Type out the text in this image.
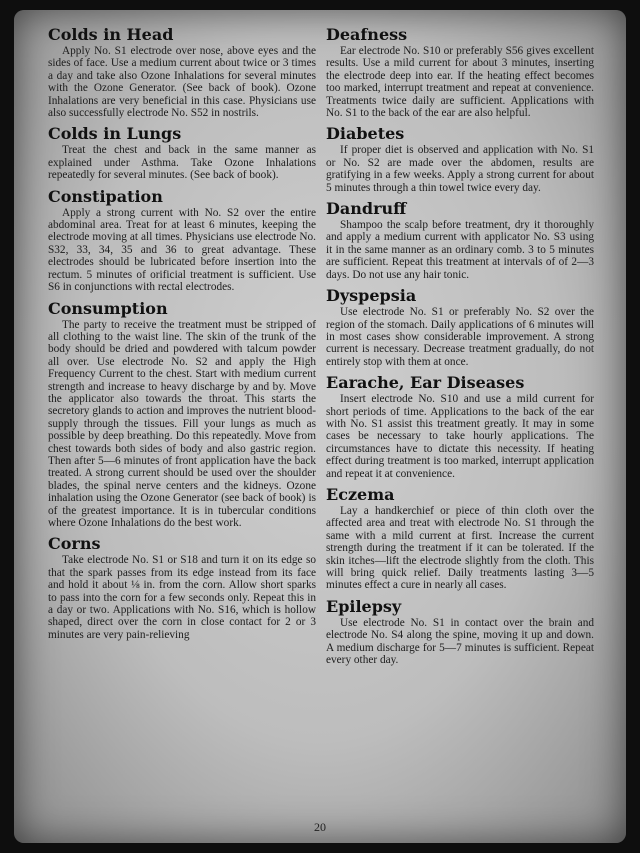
Colds in Head

Apply No. S1 electrode over nose, above eyes and the sides of face. Use a medium current about twice or 3 times a day and take also Ozone Inhalations for several minutes with the Ozone Generator. (See back of book). Ozone Inhalations are very beneficial in this case. Physicians use also successfully electrode No. S52 in nostrils.

Colds in Lungs

Treat the chest and back in the same manner as explained under Asthma. Take Ozone Inhalations repeatedly for several minutes. (See back of book).

Constipation

Apply a strong current with No. S2 over the entire abdominal area. Treat for at least 6 minutes, keeping the electrode moving at all times. Physicians use electrode No. S32, 33, 34, 35 and 36 to great advantage. These electrodes should be lubricated before insertion into the rectum. 5 minutes of orificial treatment is sufficient. Use S6 in conjunctions with rectal electrodes.

Consumption

The party to receive the treatment must be stripped of all clothing to the waist line. The skin of the trunk of the body should be dried and powdered with talcum powder all over. Use electrode No. S2 and apply the High Frequency Current to the chest. Start with medium current strength and increase to heavy discharge by and by. Move the applicator also towards the throat. This starts the secretory glands to action and improves the nutrient blood-supply through the tissues. Fill your lungs as much as possible by deep breathing. Do this repeatedly. Move from chest towards both sides of body and also gastric region. Then after 5—6 minutes of front application have the back treated. A strong current should be used over the shoulder blades, the spinal nerve centers and the kidneys. Ozone inhalation using the Ozone Generator (see back of book) is of the greatest importance. It is in tubercular conditions where Ozone Inhalations do the best work.

Corns

Take electrode No. S1 or S18 and turn it on its edge so that the spark passes from its edge instead from its face and hold it about ⅛ in. from the corn. Allow short sparks to pass into the corn for a few seconds only. Repeat this in a day or two. Applications with No. S16, which is hollow shaped, direct over the corn in close contact for 2 or 3 minutes are very pain-relieving

Deafness

Ear electrode No. S10 or preferably S56 gives excellent results. Use a mild current for about 3 minutes, inserting the electrode deep into ear. If the heating effect becomes too marked, interrupt treatment and repeat at convenience. Treatments twice daily are sufficient. Applications with No. S1 to the back of the ear are also helpful.

Diabetes

If proper diet is observed and application with No. S1 or No. S2 are made over the abdomen, results are gratifying in a few weeks. Apply a strong current for about 5 minutes through a thin towel twice every day.

Dandruff

Shampoo the scalp before treatment, dry it thoroughly and apply a medium current with applicator No. S3 using it in the same manner as an ordinary comb. 3 to 5 minutes are sufficient. Repeat this treatment at intervals of of 2—3 days. Do not use any hair tonic.

Dyspepsia

Use electrode No. S1 or preferably No. S2 over the region of the stomach. Daily applications of 6 minutes will in most cases show considerable improvement. A strong current is necessary. Decrease treatment gradually, do not entirely stop with them at once.

Earache, Ear Diseases

Insert electrode No. S10 and use a mild current for short periods of time. Applications to the back of the ear with No. S1 assist this treatment greatly. It may in some cases be necessary to take hourly applications. The circumstances have to dictate this necessity. If heating effect during treatment is too marked, interrupt application and repeat it at convenience.

Eczema

Lay a handkerchief or piece of thin cloth over the affected area and treat with electrode No. S1 through the same with a mild current at first. Increase the current strength during the treatment if it can be tolerated. If the skin itches—lift the electrode slightly from the cloth. This will bring quick relief. Daily treatments lasting 3—5 minutes effect a cure in nearly all cases.

Epilepsy

Use electrode No. S1 in contact over the brain and electrode No. S4 along the spine, moving it up and down. A medium discharge for 5—7 minutes is sufficient. Repeat every other day.

20
